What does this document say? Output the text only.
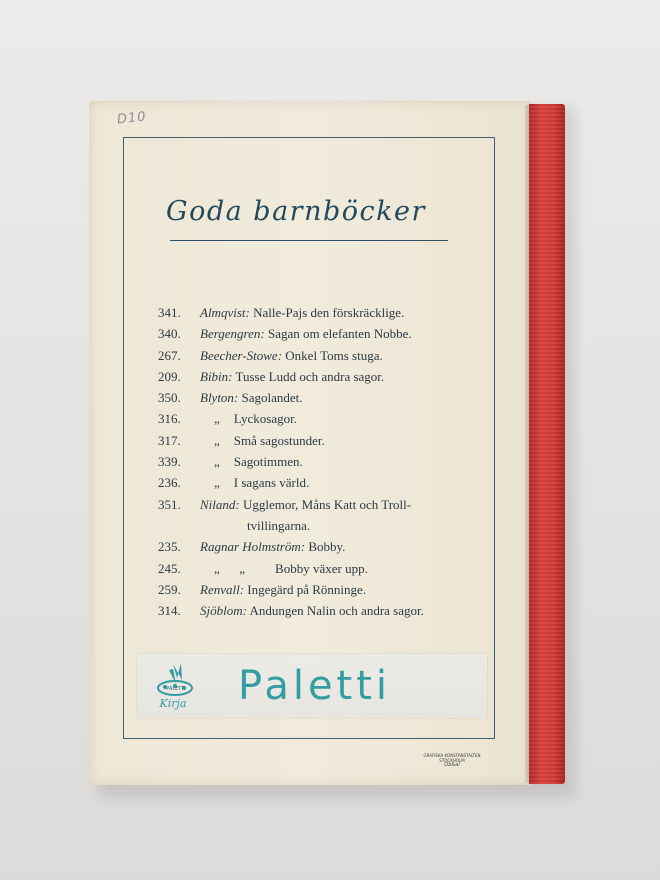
D10
Goda barnböcker
341. Almqvist: Nalle-Pajs den förskräcklige.
340. Bergengren: Sagan om elefanten Nobbe.
267. Beecher-Stowe: Onkel Toms stuga.
209. Bibin: Tusse Ludd och andra sagor.
350. Blyton: Sagolandet.
316.	„ Lyckosagor.
317.	„ Små sagostunder.
339.	„ Sagotimmen.
236.	„ I sagans värld.
351. Niland: Ugglemor, Måns Katt och Troll-
tvillingarna.
235. Ragnar Holmström: Bobby.
245.	„      „ Bobby växer upp.
259. Renvall: Ingegärd på Rönninge.
314. Sjöblom: Andungen Nalin och andra sagor.
PALETTI
Kirja Paletti
GRAFISKA KONSTANSTALTEN
STOCKHOLM
Ob&al
